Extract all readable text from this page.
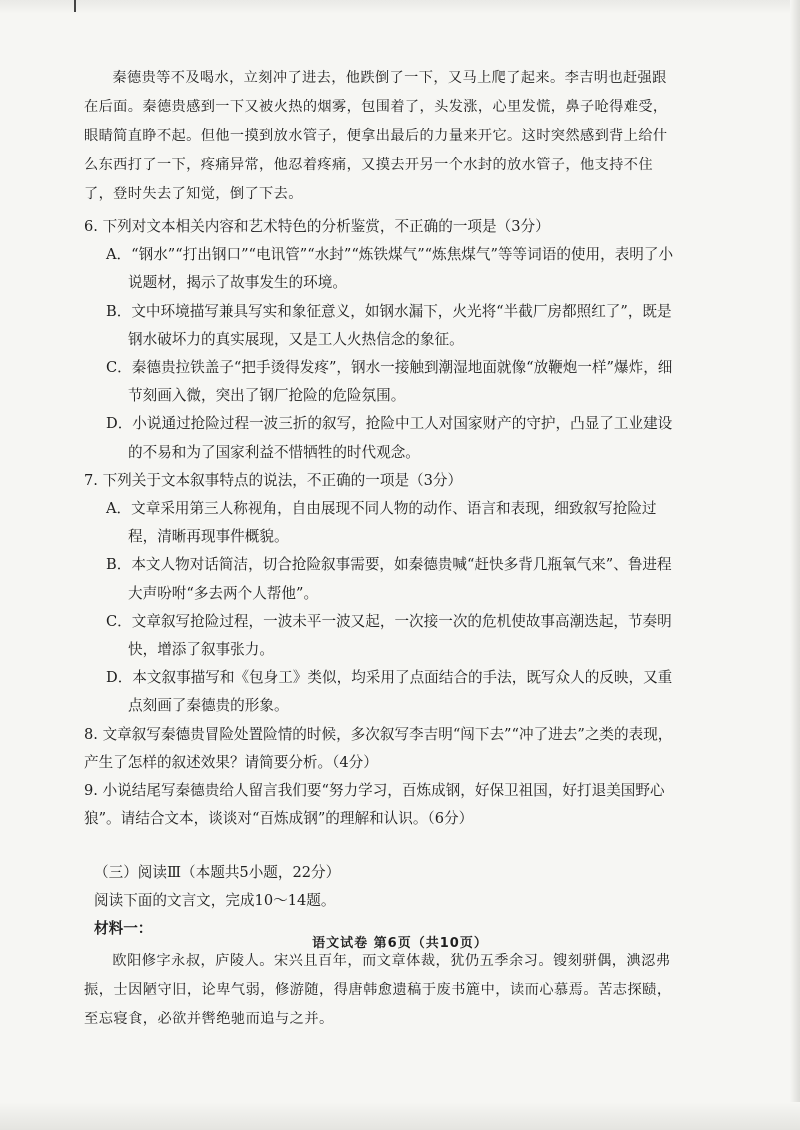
秦德贵等不及喝水，立刻冲了进去，他跌倒了一下，又马上爬了起来。李吉明也赶强跟在后面。秦德贵感到一下又被火热的烟雾，包围着了，头发涨，心里发慌，鼻子呛得难受，眼睛简直睁不起。但他一摸到放水管子，便拿出最后的力量来开它。这时突然感到背上给什么东西打了一下，疼痛异常，他忍着疼痛，又摸去开另一个水封的放水管子，他支持不住了，登时失去了知觉，倒了下去。

6. 下列对文本相关内容和艺术特色的分析鉴赏，不正确的一项是（3分）

A．“钢水”“打出钢口”“电讯管”“水封”“炼铁煤气”“炼焦煤气”等等词语的使用，表明了小说题材，揭示了故事发生的环境。

B．文中环境描写兼具写实和象征意义，如钢水漏下，火光将“半截厂房都照红了”，既是钢水破坏力的真实展现，又是工人火热信念的象征。

C．秦德贵拉铁盖子“把手烫得发疼”，钢水一接触到潮湿地面就像“放鞭炮一样”爆炸，细节刻画入微，突出了钢厂抢险的危险氛围。

D．小说通过抢险过程一波三折的叙写，抢险中工人对国家财产的守护，凸显了工业建设的不易和为了国家利益不惜牺牲的时代观念。

7. 下列关于文本叙事特点的说法，不正确的一项是（3分）

A．文章采用第三人称视角，自由展现不同人物的动作、语言和表现，细致叙写抢险过程，清晰再现事件概貌。

B．本文人物对话简洁，切合抢险叙事需要，如秦德贵喊“赶快多背几瓶氧气来”、鲁进程大声吩咐“多去两个人帮他”。

C．文章叙写抢险过程，一波未平一波又起，一次接一次的危机使故事高潮迭起，节奏明快，增添了叙事张力。

D．本文叙事描写和《包身工》类似，均采用了点面结合的手法，既写众人的反映，又重点刻画了秦德贵的形象。

8. 文章叙写秦德贵冒险处置险情的时候，多次叙写李吉明“闯下去”“冲了进去”之类的表现，产生了怎样的叙述效果？请简要分析。（4分）

9. 小说结尾写秦德贵给人留言我们要“努力学习，百炼成钢，好保卫祖国，好打退美国野心狼”。请结合文本，谈谈对“百炼成钢”的理解和认识。（6分）

（三）阅读Ⅲ（本题共5小题，22分）

阅读下面的文言文，完成10～14题。

材料一：

欧阳修字永叔，庐陵人。宋兴且百年，而文章体裁，犹仍五季余习。锼刻骈偶，淟涊弗振，士因陋守旧，论卑气弱，修游随，得唐韩愈遗稿于废书簏中，读而心慕焉。苦志探赜，至忘寝食，必欲并辔绝驰而追与之并。

语文试卷 第6页（共10页）
